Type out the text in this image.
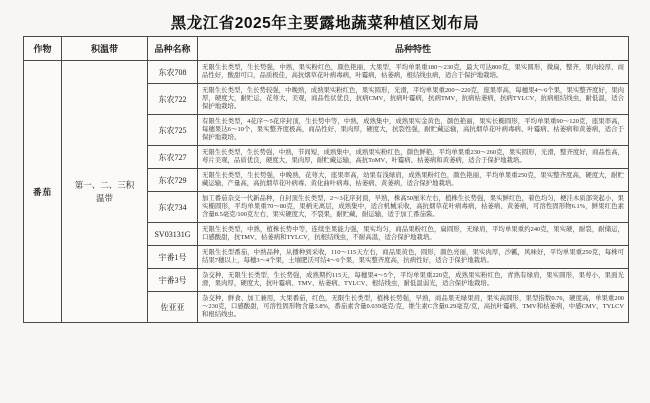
黑龙江省2025年主要露地蔬菜种植区划布局
作物	积温带	品种名称	品种特性
番茄	第一、二、三积温带	东农708	无限生长类型，生长势强，中熟，果实粉红色，颜色艳丽，大果型，平均单果重180～230克，最大可达800克，果实圆形，微扁，整齐，果肉较厚，商品性好，酸甜可口，品质极佳，高抗烟草花叶病毒病，叶霉病，枯萎病，根结线虫病，适合于保护地栽培。
		东农722	无限生长类型，生长势较强，中晚熟，成熟果实粉红色，果实圆形，光滑，平均单果重200～220克，座果率高，每穗果4～6个果，果实整齐度好，果肉厚，硬度大，耐贮运，花萼大，美观，商品性状优良，抗病CMV，抗病叶霉病，抗病TMV，抗病枯萎病，抗病TYLCV，抗病根结线虫，耐低温，适合保护地栽培。
		东农725	有限生长类型，4花序～5花序封顶，生长势中等，中熟，成熟集中，成熟果实金黄色，颜色艳丽，果实长椭圆形，平均单果重90～120克，座果率高，每穗果达6～10个，果实整齐度极高，商品性好，果肉厚，硬度大，抗裂性强，耐贮藏运输，高抗烟草花叶病毒病、叶霉病、枯萎病和黄萎病，适合于保护地栽培。
		东农727	无限生长类型，生长势强，中熟，节间短，成熟集中，成熟果实粉红色，颜色鲜艳，平均单果重230～260克，果实圆形，光滑，整齐度好，商品性高，萼片美观，品质优良，硬度大，果肉厚，耐贮藏运输，高抗ToMV、叶霉病、枯萎病和黄萎病，适合于保护地栽培。
		东农729	无限生长类型，生长势强，中晚熟，花萼大，座果率高，幼果有浅绿肩，成熟果粉红色，颜色艳丽，平均单果重250克，果实整齐度高，硬度大，耐贮藏运输，产量高，高抗烟草花叶病毒、黄化曲叶病毒、枯萎病、黄萎病，适合保护地栽培。
		东农734	加工番茄杂交一代新品种，自封顶生长类型，2～3花序封顶，早熟，株高50厘米左右，植株生长势强，果实鲜红色，着色均匀，梗洼木质部突起小，果实椭圆形，平均单果重70～80克，果柄无离层，成熟集中，适合机械采收，高抗烟草花叶病毒病，枯萎病、黄萎病，可溶性固形物6.1%，鲜果红色素含量8.5毫克/100克左右，果实硬度大，不裂果，耐贮藏，耐运输，适于加工番茄酱。
		SV03131G	无限生长类型，中熟，植株长势中等，连续坐果能力强，果实均匀，商品果粉红色，扁圆形，无绿肩，平均单果重约240克，果实硬，耐裂，耐储运，口感酸甜，抗TMV、枯萎病和TYLCV，抗根结线虫，不耐高温，适合保护地栽培。
		宇番1号	无限生长型番茄，中熟品种，从播种到采收，110～115天左右，商品果黄色，圆形，颜色亮丽，果实肉厚，沙瓤，风味好，平均单果重250克，每株可结果7穗以上，每穗3～4个果，土壤肥沃可结4～6个果，果实整齐度高，抗病性好，适合于保护地栽培。
		宇番3号	杂交种，无限生长类型，生长势强，成熟期约115天，每穗果4～5个，平均单果重220克，成熟果实粉红色，青熟有绿肩，果实圆形，果萼小，果面光滑，果肉厚，硬度大，抗叶霉病、TMV、枯萎病、TYLCV、根结线虫，耐低温弱光，适合保护地栽培。
		佐亚亚	杂交种，鲜食、加工兼用，大果番茄，红色，无限生长类型，植株长势强，早熟，商品果无绿果肩，果实高圆形，果型指数0.76，硬度高，单果重200～230克，口感酸甜，可溶性固形物含量3.8%，番茄素含量0.039毫克/克，维生素C含量0.29毫克/克，高抗叶霉病、TMV和枯萎病，中感CMV、TYLCV和根结线虫。
